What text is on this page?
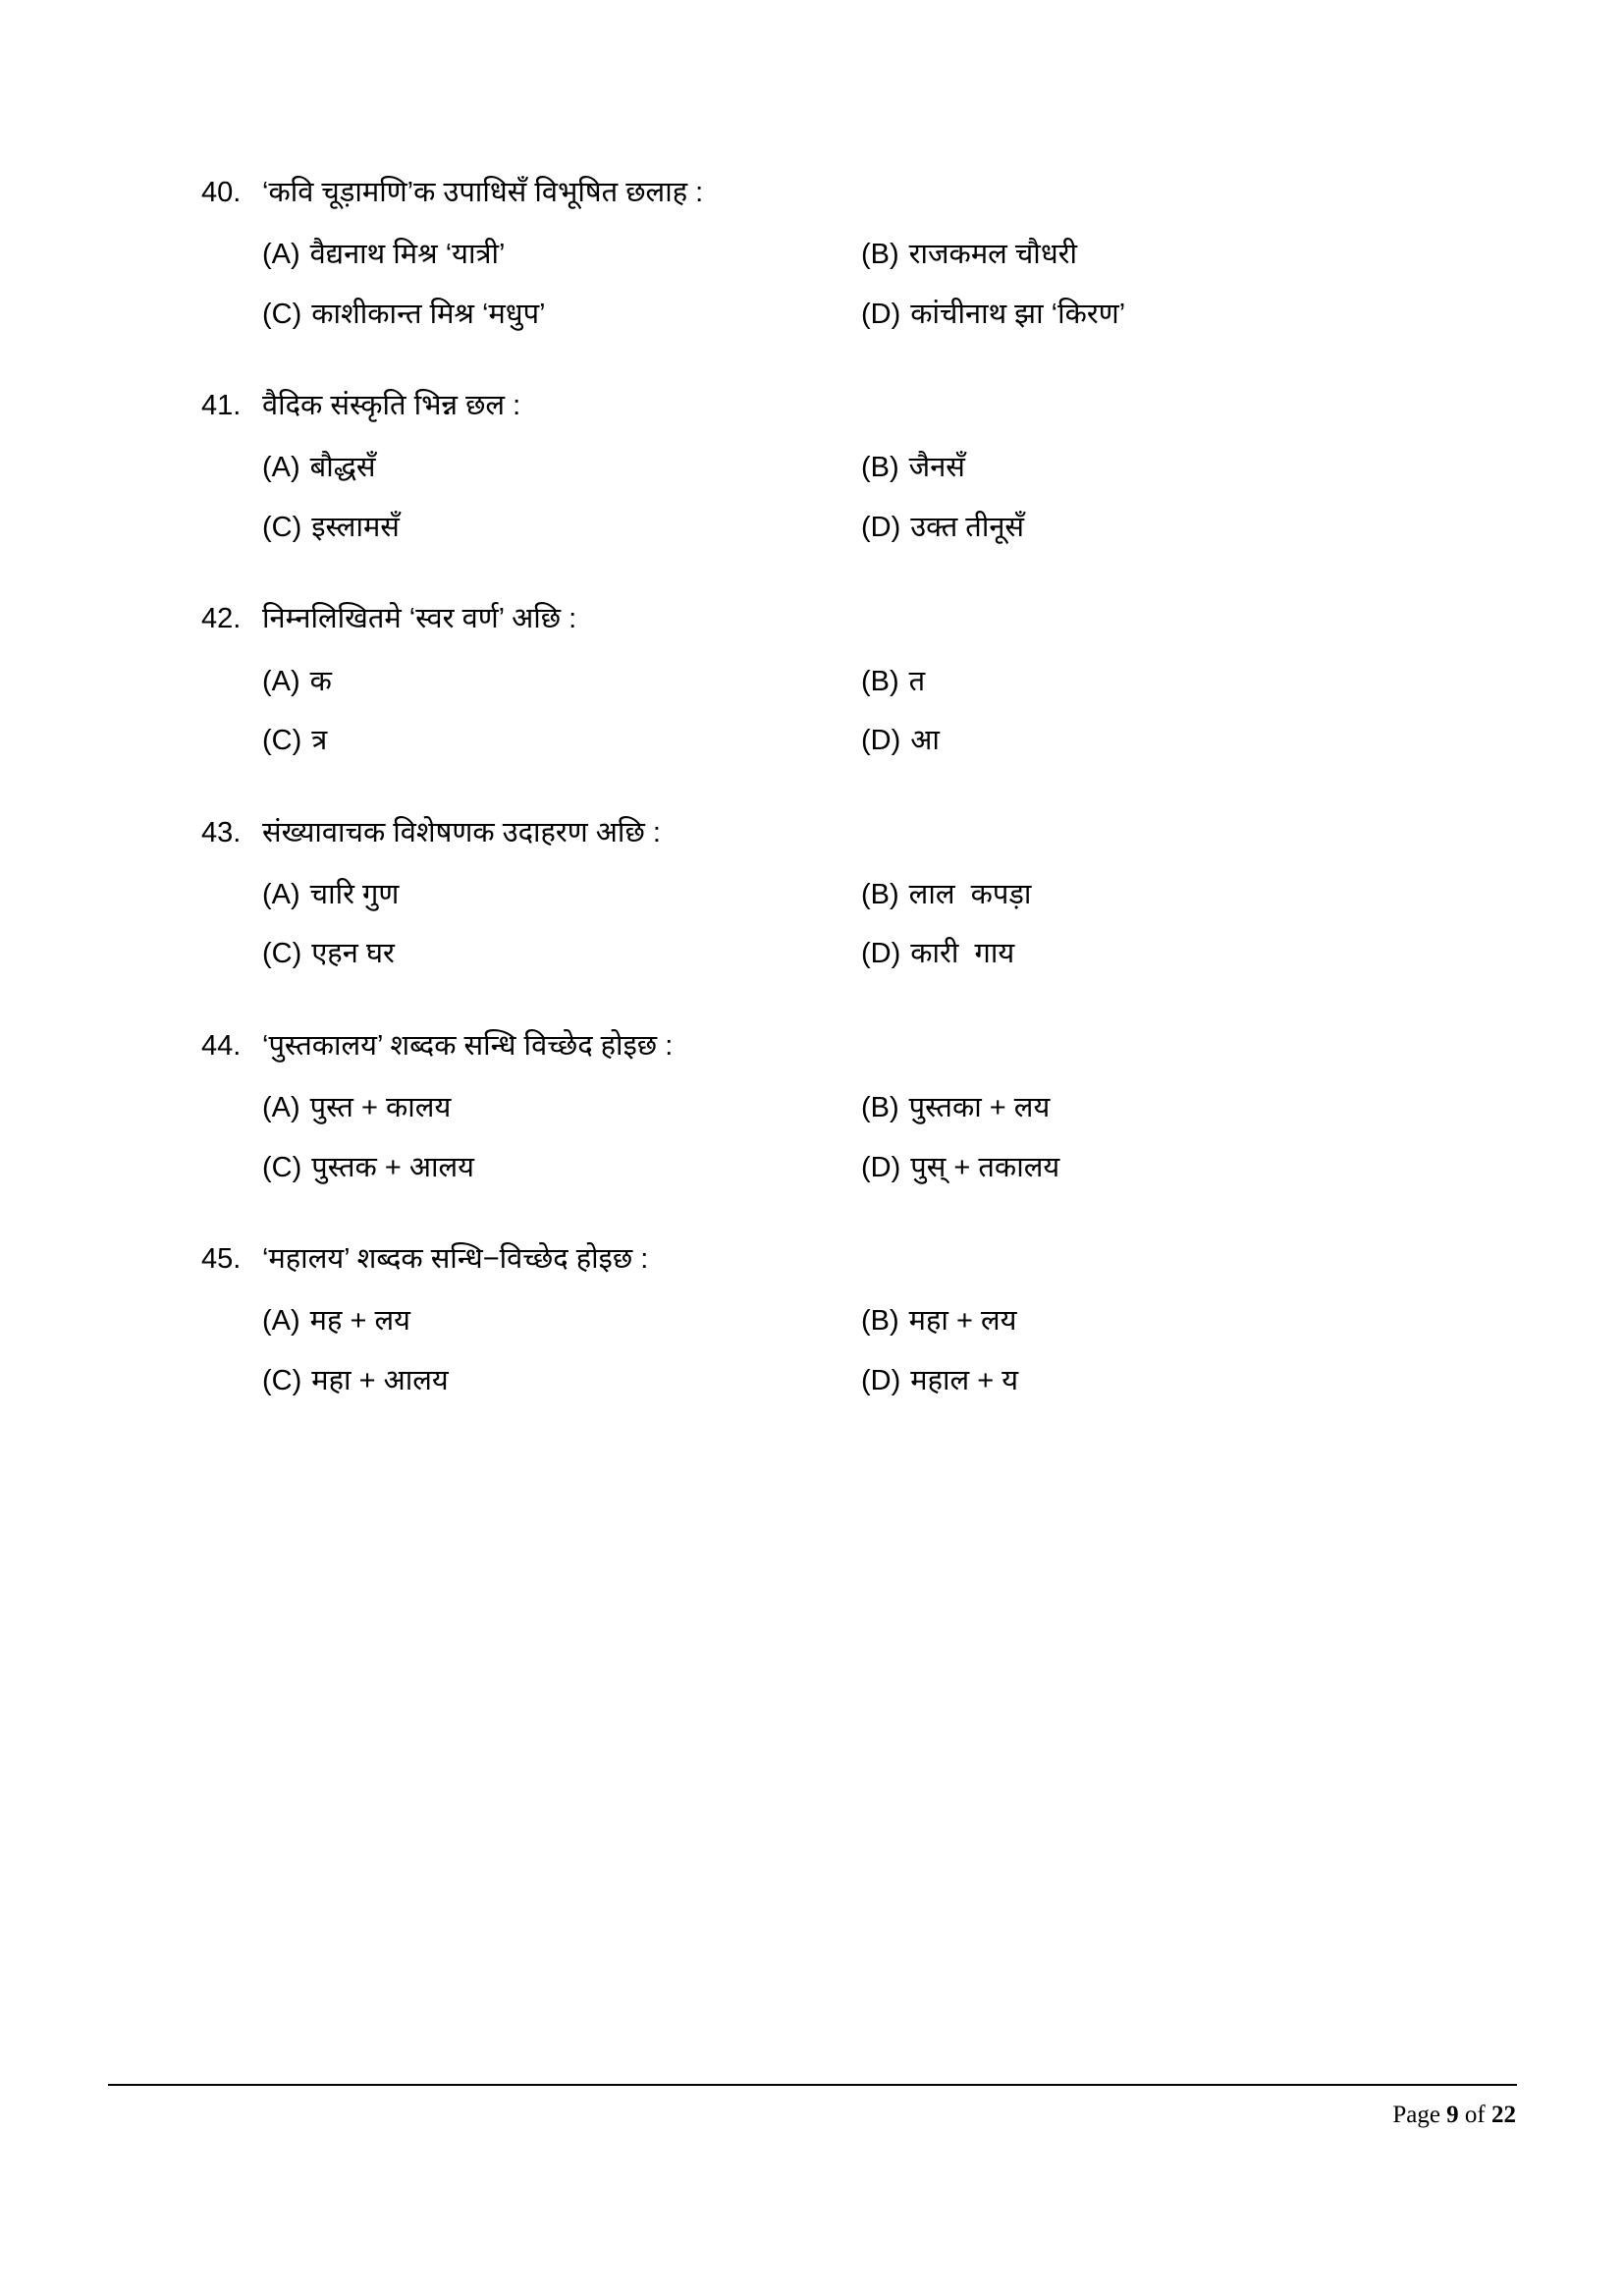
40. ‘कवि चूड़ामणि’क उपाधिसँ विभूषित छलाह :
(A) वैद्यनाथ मिश्र ‘यात्री’	(B) राजकमल चौधरी
(C) काशीकान्त मिश्र ‘मधुप’	(D) कांचीनाथ झा ‘किरण’
41. वैदिक संस्कृति भिन्न छल :
(A) बौद्धसँ	(B) जैनसँ
(C) इस्लामसँ	(D) उक्त तीनूसँ
42. निम्नलिखितमे ‘स्वर वर्ण’ अछि :
(A) क	(B) त
(C) त्र	(D) आ
43. संख्यावाचक विशेषणक उदाहरण अछि :
(A) चारि गुण	(B) लाल  कपड़ा
(C) एहन घर	(D) कारी  गाय
44. ‘पुस्तकालय’ शब्दक सन्धि विच्छेद होइछ :
(A) पुस्त + कालय	(B) पुस्तका + लय
(C) पुस्तक + आलय	(D) पुस् + तकालय
45. ‘महालय’ शब्दक सन्धि−विच्छेद होइछ :
(A) मह + लय	(B) महा + लय
(C) महा + आलय	(D) महाल + य
Page 9 of 22
